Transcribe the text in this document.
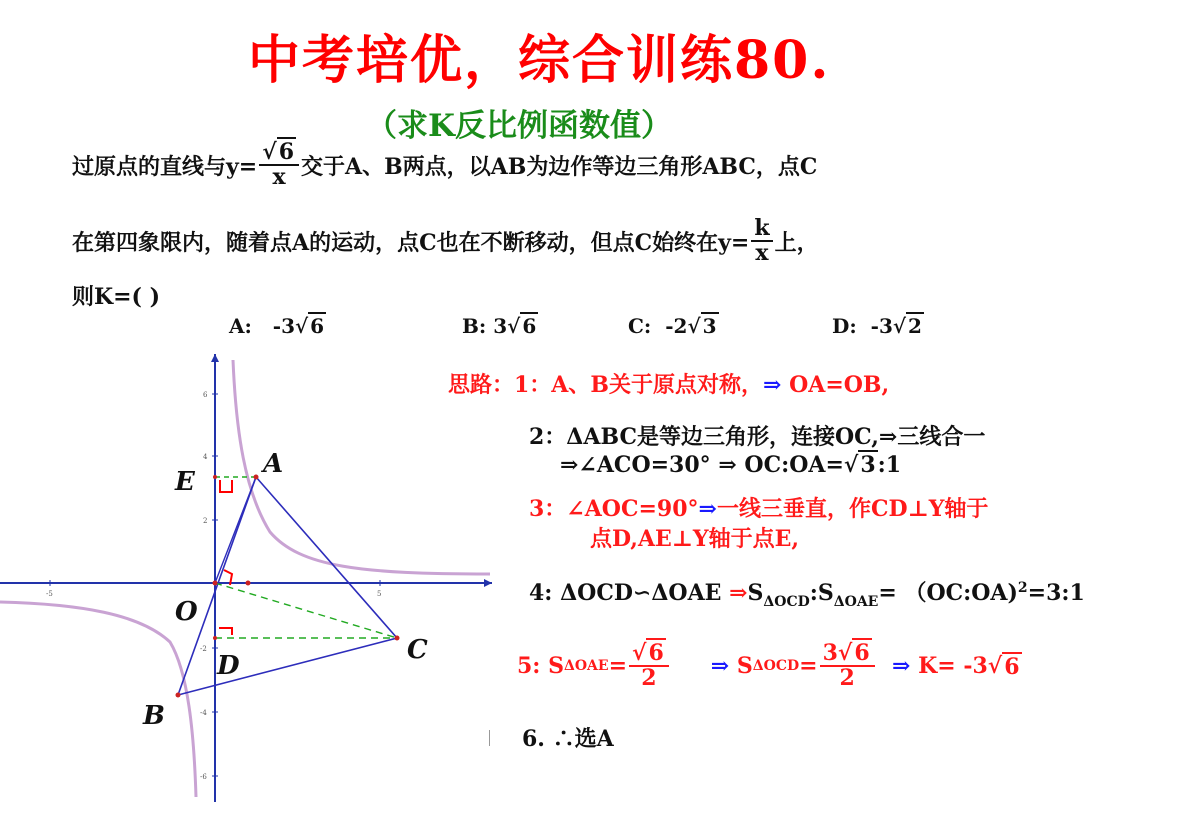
中考培优，综合训练80.
（求K反比例函数值）
过原点的直线与$y= \frac{√6}{x}$ 交于A、B两点，以AB为边作等边三角形ABC，点C
在第四象限内，随着点A的运动，点C也在不断移动，但点C始终在$y= \frac{k}{x}$ 上，
则K=( )
A: -3√ 6	B: 3√ 6	C: -2√ 3	D: -3√ 2
思路：1：A、B关于原点对称，⇒ OA=OB,
2：ΔABC是等边三角形，连接OC,⇒三线合一
⇒∠ACO=30° ⇒ OC:OA=√3:1
3：∠AOC=90°⇒一线三垂直，作CD⊥Y轴于
点D,AE⊥Y轴于点E,
4: ΔOCD∽ΔOAE $\Rightarrow S_{\Delta OCD}:S_{\Delta OAE}=$ （OC:OA)$^2$=3:1
5: S $\Delta OAE = \frac{√6}{2}$ ⇒
S $\Delta OCD = \frac{3√6}{2}$
⇒
K= -3 √ 6
6. ∴选A
-5	5
6
4
2
-2
-4
-6
A
E
O
D
C
B
